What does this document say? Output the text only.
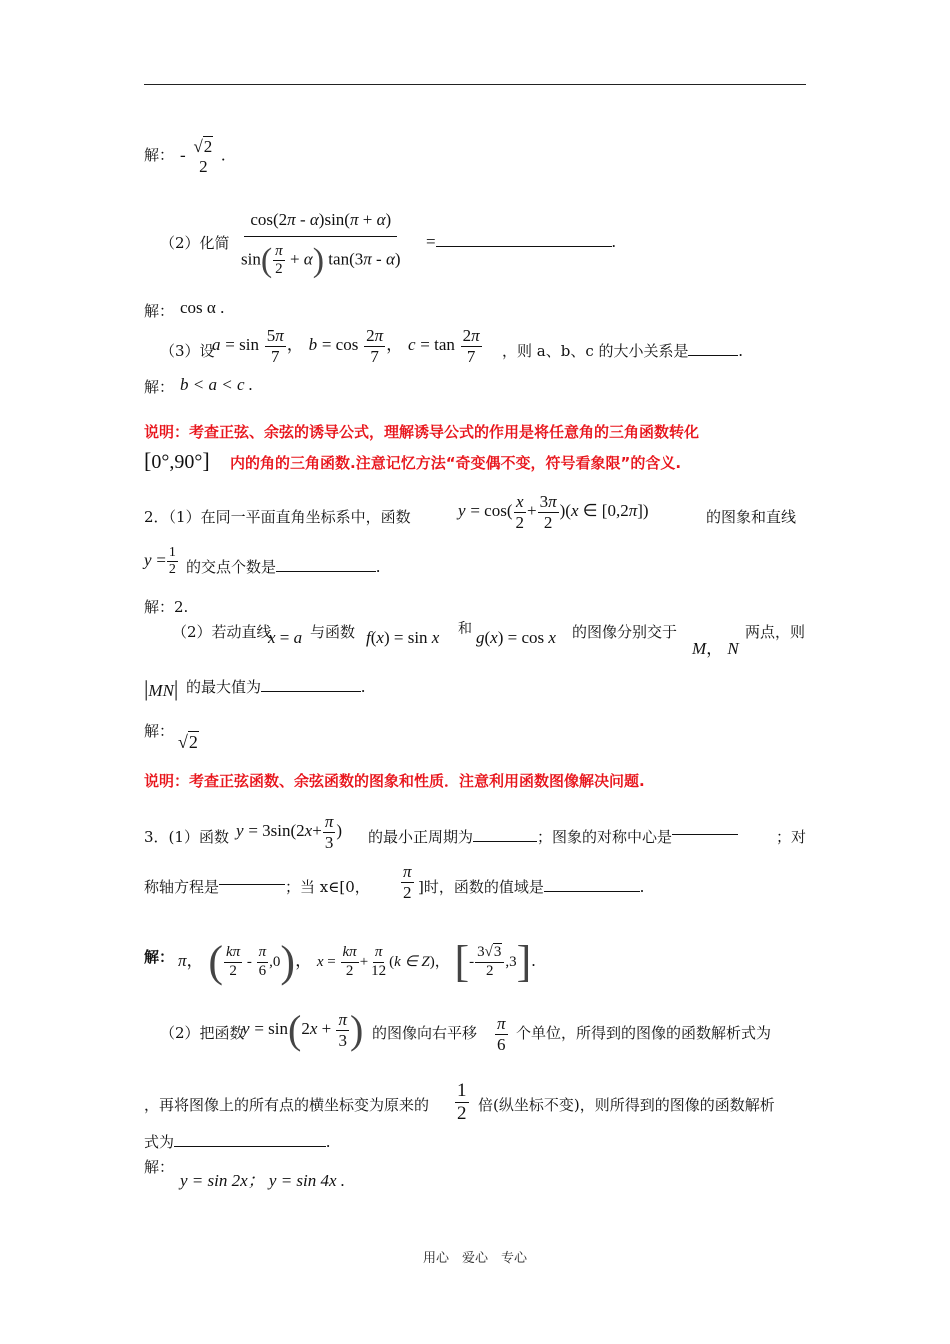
解： - √2
2
.
（2）化简 $\frac{\cos(2\pi - \alpha)\sin(\pi + \alpha)}{\sin( \frac{\pi}{2} + \alpha) \tan(3\pi - \alpha)}$ =	.
解： cos α .
（3）设
$a = \sin \frac{5\pi}{7}$ ， $b = \cos \frac{2\pi}{7}$ ， $c = \tan \frac{2\pi}{7}$ ，则 a、b、c 的大小关系是	.
解： b < a < c .
说明：考查正弦、余弦的诱导公式，理解诱导公式的作用是将任意角的三角函数转化
[0°,90°] 内的角的三角函数.注意记忆方法“奇变偶不变，符号看象限”的含义.
2．（1）在同一平面直角坐标系中，函数	$y = \cos( \frac{x}{2} + \frac{3\pi}{2} )(x$ ∈ [0,2π])	的图象和直线
$y = \frac{1}{2}$ 的交点个数是	.
解：2.
（2）若动直线
x = a 与函数 f(x) = sin x 和 g(x) = cos x 的图像分别交于
M， N
两点，则
|MN| 的最大值为	.
解：
√2
说明：考查正弦函数、余弦函数的图象和性质．注意利用函数图像解决问题.
3．(1）函数 $y = 3\sin(2x+ \frac{\pi}{3}$ ) 的最小正周期为	；图象的对称中心是	；对
称轴方程是	；当 x∈[0， $\frac{\pi}{2}$ ]时，函数的值域是	.
解： π， ( $\frac{k\pi}{2} - \frac{\pi}{6} ,0$)， $x = \frac{k\pi}{2} + \frac{\pi}{12} (k$ ∈ Z)， [- $\frac{3√3}{2} ,3$].
（2）把函数
$y = \sin(2x + \frac{\pi}{3}$ ) 的图像向右平移 $\frac{\pi}{6}$ 个单位，所得到的图像的函数解析式为
，再将图像上的所有点的横坐标变为原来的 $\frac{1}{2}$ 倍(纵坐标不变)，则所得到的图像的函数解析
式为	.
解：
y = sin 2x； y = sin 4x .
用心　爱心　专心
